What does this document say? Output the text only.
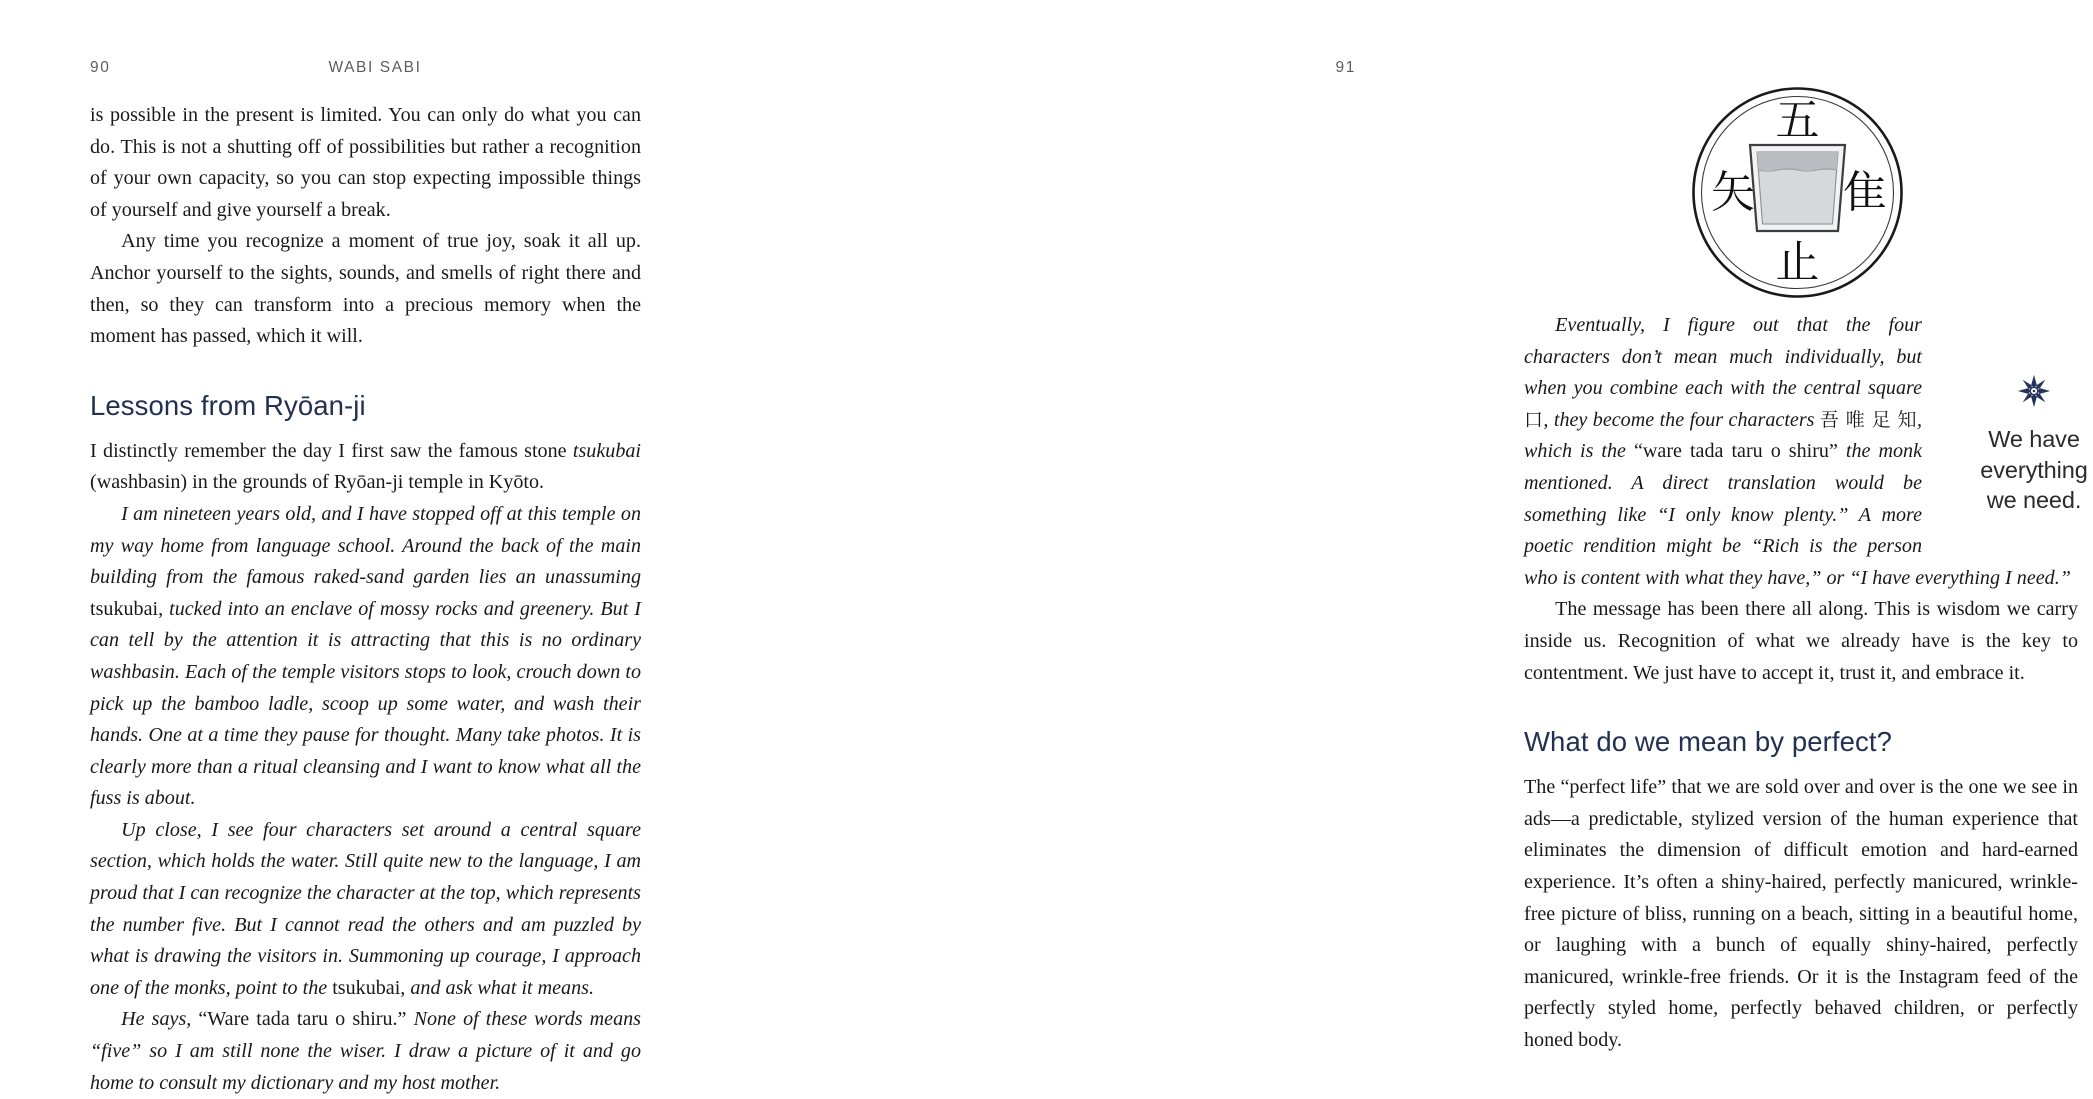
90	WABI SABI

is possible in the present is limited. You can only do what you can do. This is not a shutting off of possibilities but rather a recognition of your own capacity, so you can stop expecting impossible things of yourself and give yourself a break.

Any time you recognize a moment of true joy, soak it all up. Anchor yourself to the sights, sounds, and smells of right there and then, so they can transform into a precious memory when the moment has passed, which it will.

Lessons from Ryōan-ji

I distinctly remember the day I first saw the famous stone tsukubai (washbasin) in the grounds of Ryōan-ji temple in Kyōto.

I am nineteen years old, and I have stopped off at this temple on my way home from language school. Around the back of the main building from the famous raked-sand garden lies an unassuming tsukubai, tucked into an enclave of mossy rocks and greenery. But I can tell by the attention it is attracting that this is no ordinary washbasin. Each of the temple visitors stops to look, crouch down to pick up the bamboo ladle, scoop up some water, and wash their hands. One at a time they pause for thought. Many take photos. It is clearly more than a ritual cleansing and I want to know what all the fuss is about.

Up close, I see four characters set around a central square section, which holds the water. Still quite new to the language, I am proud that I can recognize the character at the top, which represents the number five. But I cannot read the others and am puzzled by what is drawing the visitors in. Summoning up courage, I approach one of the monks, point to the tsukubai, and ask what it means.

He says, “Ware tada taru o shiru.” None of these words means “five” so I am still none the wiser. I draw a picture of it and go home to consult my dictionary and my host mother.

91
五
矢 隹
止
We have
everything
we need.

Eventually, I figure out that the four characters don’t mean much individually, but when you combine each with the central square 口, they become the four characters 吾 唯 足 知, which is the “ware tada taru o shiru” the monk mentioned. A direct translation would be something like “I only know plenty.” A more poetic rendition might be “Rich is the person who is content with what they have,” or “I have everything I need.”

The message has been there all along. This is wisdom we carry inside us. Recognition of what we already have is the key to contentment. We just have to accept it, trust it, and embrace it.

What do we mean by perfect?

The “perfect life” that we are sold over and over is the one we see in ads—a predictable, stylized version of the human experience that eliminates the dimension of difficult emotion and hard-earned experience. It’s often a shiny-haired, perfectly manicured, wrinkle-free picture of bliss, running on a beach, sitting in a beautiful home, or laughing with a bunch of equally shiny-haired, perfectly manicured, wrinkle-free friends. Or it is the Instagram feed of the perfectly styled home, perfectly behaved children, or perfectly honed body.
